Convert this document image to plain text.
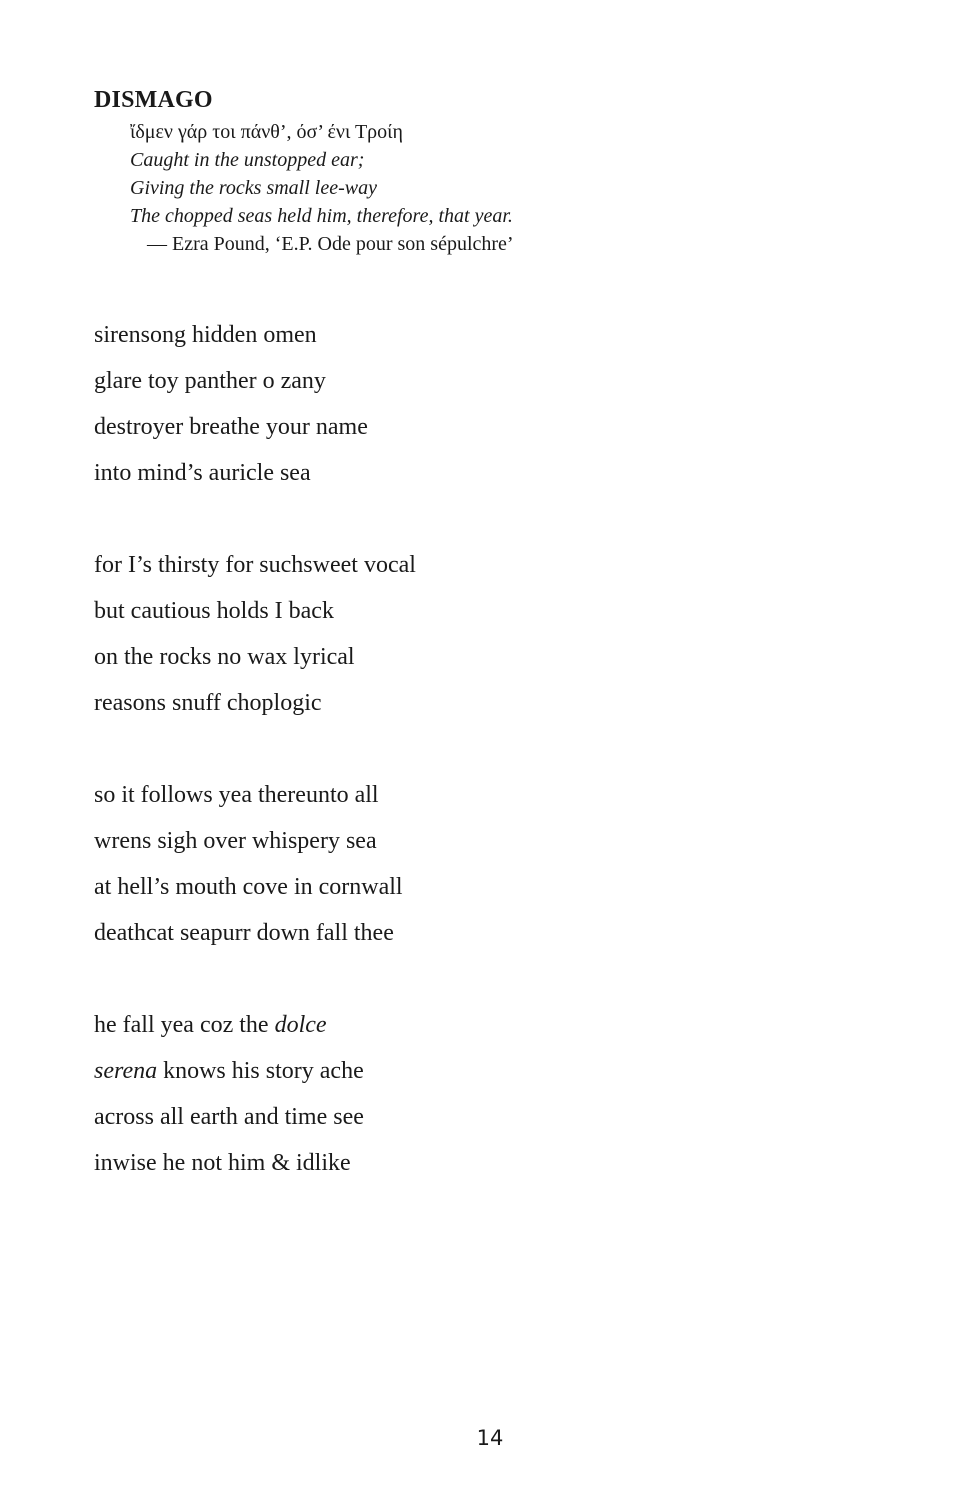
DISMAGO
ἴδμεν γάρ τοι πάνθ’, όσ’ ένι Τροίη
Caught in the unstopped ear;
Giving the rocks small lee-way
The chopped seas held him, therefore, that year.
— Ezra Pound, ‘E.P. Ode pour son sépulchre’
sirensong hidden omen
glare toy panther o zany
destroyer breathe your name
into mind’s auricle sea
for I’s thirsty for suchsweet vocal
but cautious holds I back
on the rocks no wax lyrical
reasons snuff choplogic
so it follows yea thereunto all
wrens sigh over whispery sea
at hell’s mouth cove in cornwall
deathcat seapurr down fall thee
he fall yea coz the dolce
serena knows his story ache
across all earth and time see
inwise he not him & idlike
14
